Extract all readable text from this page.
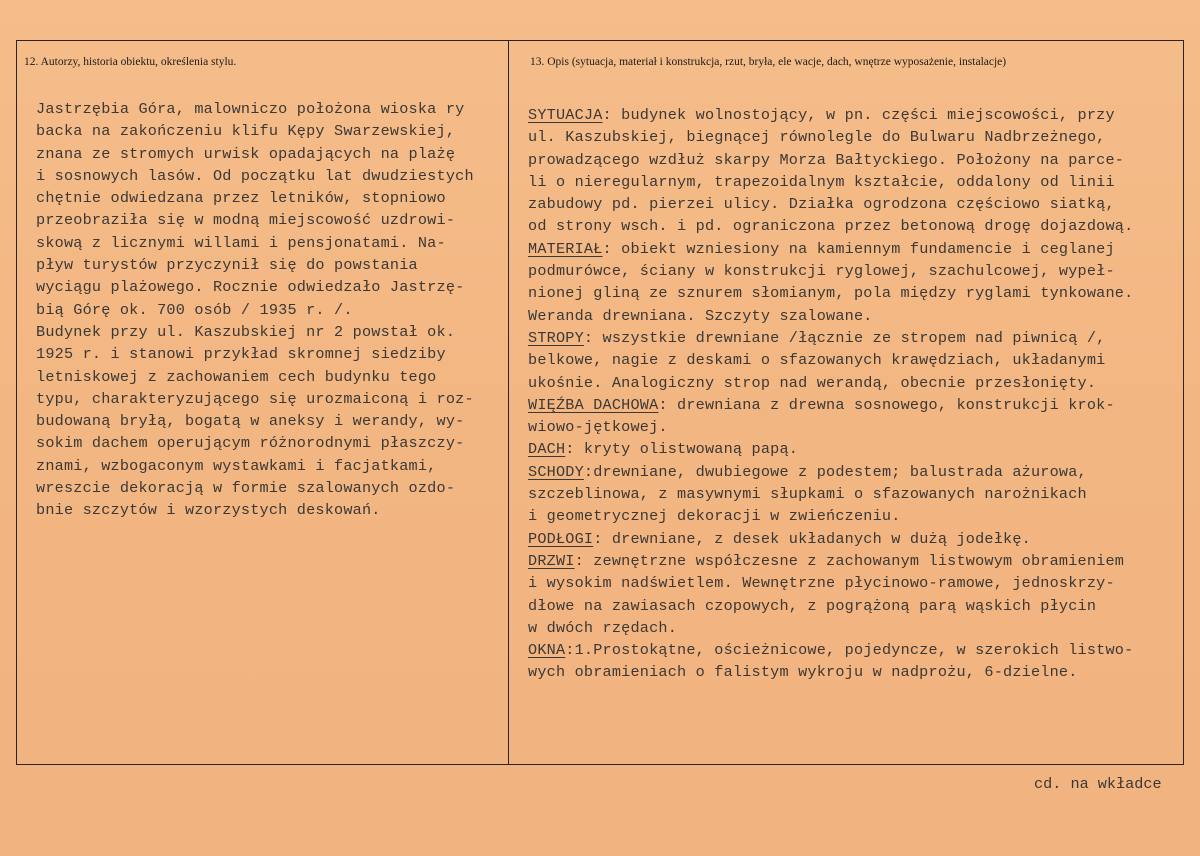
12. Autorzy, historia obiektu, określenia stylu.	13. Opis (sytuacja, materiał i konstrukcja, rzut, bryła, ele wacje, dach, wnętrze wyposażenie, instalacje)
Jastrzębia Góra, malowniczo położona wioska ry
backa na zakończeniu klifu Kępy Swarzewskiej,
znana ze stromych urwisk opadających na plażę
i sosnowych lasów. Od początku lat dwudziestych
chętnie odwiedzana przez letników, stopniowo
przeobraziła się w modną miejscowość uzdrowi-
skową z licznymi willami i pensjonatami. Na-
pływ turystów przyczynił się do powstania
wyciągu plażowego. Rocznie odwiedzało Jastrzę-
bią Górę ok. 700 osób / 1935 r. /.
Budynek przy ul. Kaszubskiej nr 2 powstał ok.
1925 r. i stanowi przykład skromnej siedziby
letniskowej z zachowaniem cech budynku tego
typu, charakteryzującego się urozmaiconą i roz-
budowaną bryłą, bogatą w aneksy i werandy, wy-
sokim dachem operującym różnorodnymi płaszczy-
znami, wzbogaconym wystawkami i facjatkami,
wreszcie dekoracją w formie szalowanych ozdo-
bnie szczytów i wzorzystych deskowań.
SYTUACJA: budynek wolnostojący, w pn. części miejscowości, przy
ul. Kaszubskiej, biegnącej równolegle do Bulwaru Nadbrzeżnego,
prowadzącego wzdłuż skarpy Morza Bałtyckiego. Położony na parce-
li o nieregularnym, trapezoidalnym kształcie, oddalony od linii
zabudowy pd. pierzei ulicy. Działka ogrodzona częściowo siatką,
od strony wsch. i pd. ograniczona przez betonową drogę dojazdową.
MATERIAŁ: obiekt wzniesiony na kamiennym fundamencie i ceglanej
podmurówce, ściany w konstrukcji ryglowej, szachulcowej, wypeł-
nionej gliną ze sznurem słomianym, pola między ryglami tynkowane.
Weranda drewniana. Szczyty szalowane.
STROPY: wszystkie drewniane /łącznie ze stropem nad piwnicą /,
belkowe, nagie z deskami o sfazowanych krawędziach, układanymi
ukośnie. Analogiczny strop nad werandą, obecnie przesłonięty.
WIĘŹBA DACHOWA: drewniana z drewna sosnowego, konstrukcji krok-
wiowo-jętkowej.
DACH: kryty olistwowaną papą.
SCHODY:drewniane, dwubiegowe z podestem; balustrada ażurowa,
szczeblinowa, z masywnymi słupkami o sfazowanych narożnikach
i geometrycznej dekoracji w zwieńczeniu.
PODŁOGI: drewniane, z desek układanych w dużą jodełkę.
DRZWI: zewnętrzne współczesne z zachowanym listwowym obramieniem
i wysokim nadświetlem. Wewnętrzne płycinowo-ramowe, jednoskrzy-
dłowe na zawiasach czopowych, z pogrążoną parą wąskich płycin
w dwóch rzędach.
OKNA:1.Prostokątne, ościeżnicowe, pojedyncze, w szerokich listwo-
wych obramieniach o falistym wykroju w nadprożu, 6-dzielne.
cd. na wkładce
